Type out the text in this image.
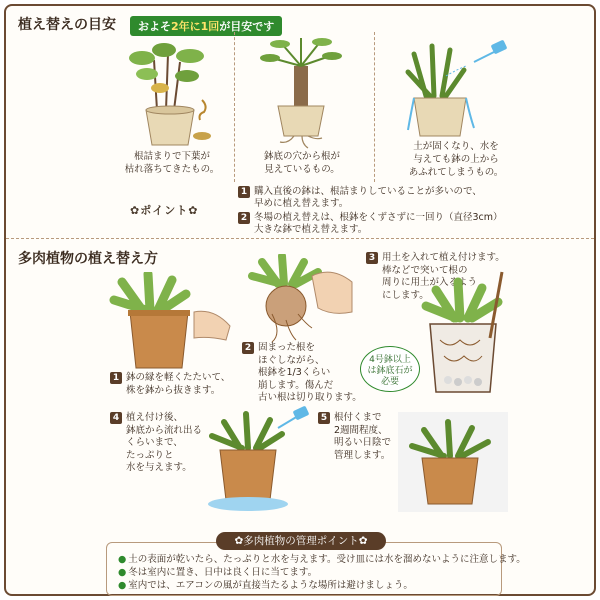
植え替えの目安	およそ2年に1回が目安です
根詰まりで下葉が
枯れ落ちてきたもの。
鉢底の穴から根が
見えているもの。
土が固くなり、水を
与えても鉢の上から
あふれてしまうもの。
✿ポイント✿
1 購入直後の鉢は、根詰まりしていることが多いので、
早めに植え替えます。
2 冬場の植え替えは、根鉢をくずさずに一回り（直径3cm）
大きな鉢で植え替えます。
多肉植物の植え替え方
1 鉢の縁を軽くたたいて、
株を鉢から抜きます。
2 固まった根を
ほぐしながら、
根鉢を1/3くらい
崩します。傷んだ
古い根は切り取ります。
3 用土を入れて植え付けます。
棒などで突いて根の
周りに用土が入るよう
にします。
4号鉢以上
は鉢底石が
必要
4 植え付け後、
鉢底から流れ出る
くらいまで、
たっぷりと
水を与えます。
5 根付くまで
2週間程度、
明るい日陰で
管理します。
✿多肉植物の管理ポイント✿
● 土の表面が乾いたら、たっぷりと水を与えます。受け皿には水を溜めないように注意します。
● 冬は室内に置き、日中は良く日に当てます。
● 室内では、エアコンの風が直接当たるような場所は避けましょう。
